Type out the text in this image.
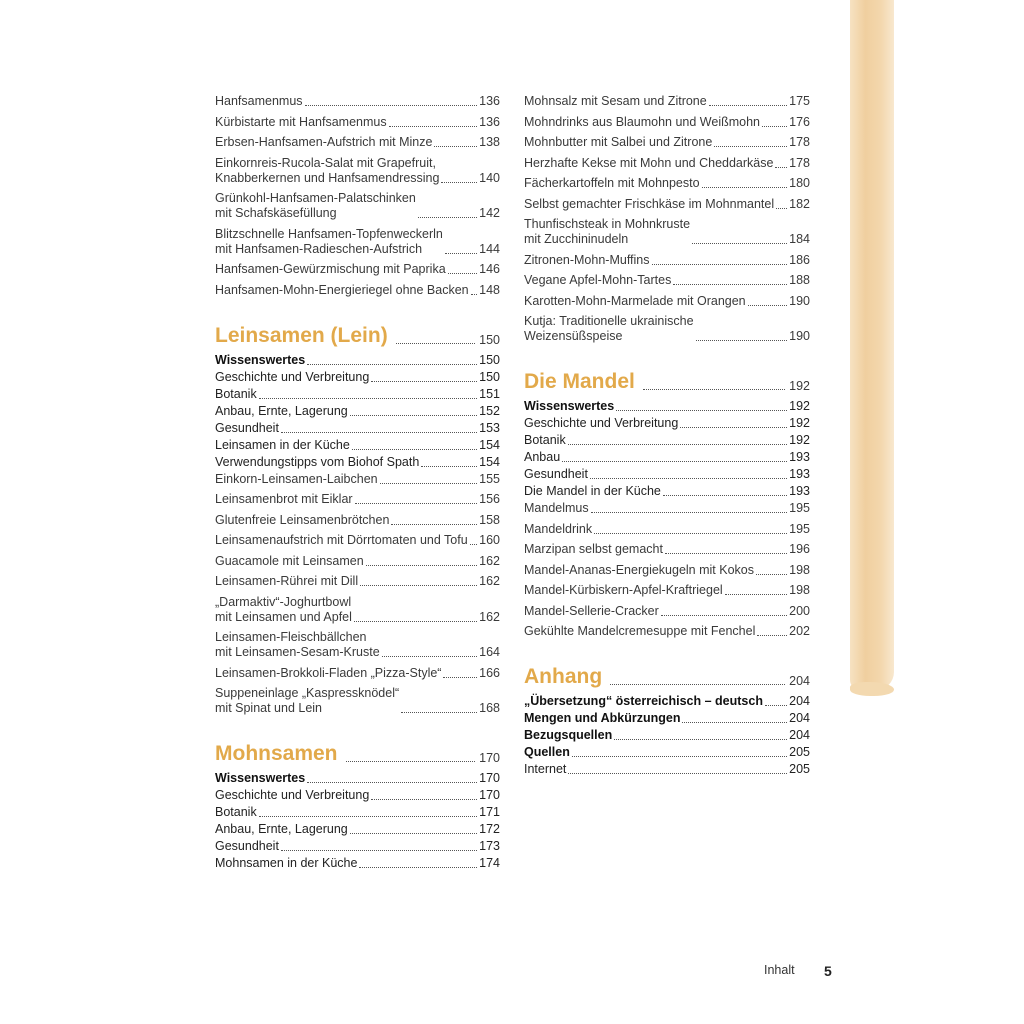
Hanfsamenmus	136
Kürbistarte mit Hanfsamenmus	136
Erbsen-Hanfsamen-Aufstrich mit Minze	138
Einkornreis-Rucola-Salat mit Grapefruit,
Knabberkernen und Hanfsamendressing	140
Grünkohl-Hanfsamen-Palatschinken
mit Schafskäsefüllung	142
Blitzschnelle Hanfsamen-Topfenweckerln
mit Hanfsamen-Radieschen-Aufstrich	144
Hanfsamen-Gewürzmischung mit Paprika	146
Hanfsamen-Mohn-Energieriegel ohne Backen 148
Leinsamen (Lein)	150
Wissenswertes	150
Geschichte und Verbreitung	150
Botanik	151
Anbau, Ernte, Lagerung	152
Gesundheit	153
Leinsamen in der Küche	154
Verwendungstipps vom Biohof Spath	154
Einkorn-Leinsamen-Laibchen	155
Leinsamenbrot mit Eiklar	156
Glutenfreie Leinsamenbrötchen	158
Leinsamenaufstrich mit Dörrtomaten und Tofu 160
Guacamole mit Leinsamen	162
Leinsamen-Rührei mit Dill	162
„Darmaktiv“-Joghurtbowl
mit Leinsamen und Apfel	162
Leinsamen-Fleischbällchen
mit Leinsamen-Sesam-Kruste	164
Leinsamen-Brokkoli-Fladen „Pizza-Style“	166
Suppeneinlage „Kaspressknödel“
mit Spinat und Lein	168
Mohnsamen	170
Wissenswertes	170
Geschichte und Verbreitung	170
Botanik	171
Anbau, Ernte, Lagerung	172
Gesundheit	173
Mohnsamen in der Küche	174
Mohnsalz mit Sesam und Zitrone	175
Mohndrinks aus Blaumohn und Weißmohn 176
Mohnbutter mit Salbei und Zitrone	178
Herzhafte Kekse mit Mohn und Cheddarkäse 178
Fächerkartoffeln mit Mohnpesto	180
Selbst gemachter Frischkäse im Mohnmantel 182
Thunfischsteak in Mohnkruste
mit Zucchininudeln	184
Zitronen-Mohn-Muffins	186
Vegane Apfel-Mohn-Tartes	188
Karotten-Mohn-Marmelade mit Orangen	190
Kutja: Traditionelle ukrainische
Weizensüßspeise	190
Die Mandel	192
Wissenswertes	192
Geschichte und Verbreitung	192
Botanik	192
Anbau	193
Gesundheit	193
Die Mandel in der Küche	193
Mandelmus	195
Mandeldrink	195
Marzipan selbst gemacht	196
Mandel-Ananas-Energiekugeln mit Kokos	198
Mandel-Kürbiskern-Apfel-Kraftriegel	198
Mandel-Sellerie-Cracker	200
Gekühlte Mandelcremesuppe mit Fenchel	202
Anhang	204
„Übersetzung“ österreichisch – deutsch 204
Mengen und Abkürzungen	204
Bezugsquellen	204
Quellen	205
Internet	205
Inhalt 5
